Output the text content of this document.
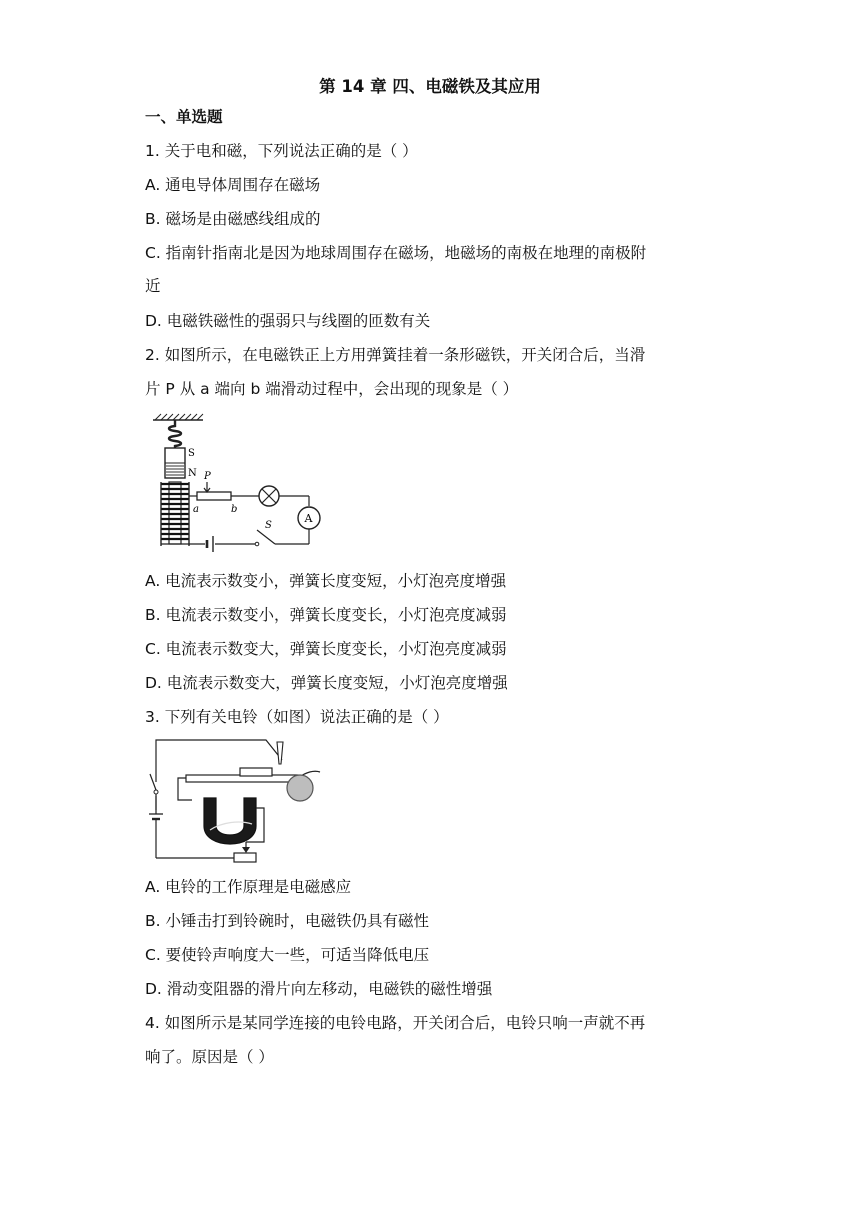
第 14 章 四、电磁铁及其应用
一、单选题
1. 关于电和磁，下列说法正确的是（ ）
A. 通电导体周围存在磁场
B. 磁场是由磁感线组成的
C. 指南针指南北是因为地球周围存在磁场，地磁场的南极在地理的南极附
近
D. 电磁铁磁性的强弱只与线圈的匝数有关
2. 如图所示，在电磁铁正上方用弹簧挂着一条形磁铁，开关闭合后，当滑
片 P 从 a 端向 b 端滑动过程中，会出现的现象是（ ）
S
N P
a	b
A
S
A. 电流表示数变小，弹簧长度变短，小灯泡亮度增强
B. 电流表示数变小，弹簧长度变长，小灯泡亮度减弱
C. 电流表示数变大，弹簧长度变长，小灯泡亮度减弱
D. 电流表示数变大，弹簧长度变短，小灯泡亮度增强
3. 下列有关电铃（如图）说法正确的是（ ）
A. 电铃的工作原理是电磁感应
B. 小锤击打到铃碗时，电磁铁仍具有磁性
C. 要使铃声响度大一些，可适当降低电压
D. 滑动变阻器的滑片向左移动，电磁铁的磁性增强
4. 如图所示是某同学连接的电铃电路，开关闭合后，电铃只响一声就不再
响了。原因是（ ）
